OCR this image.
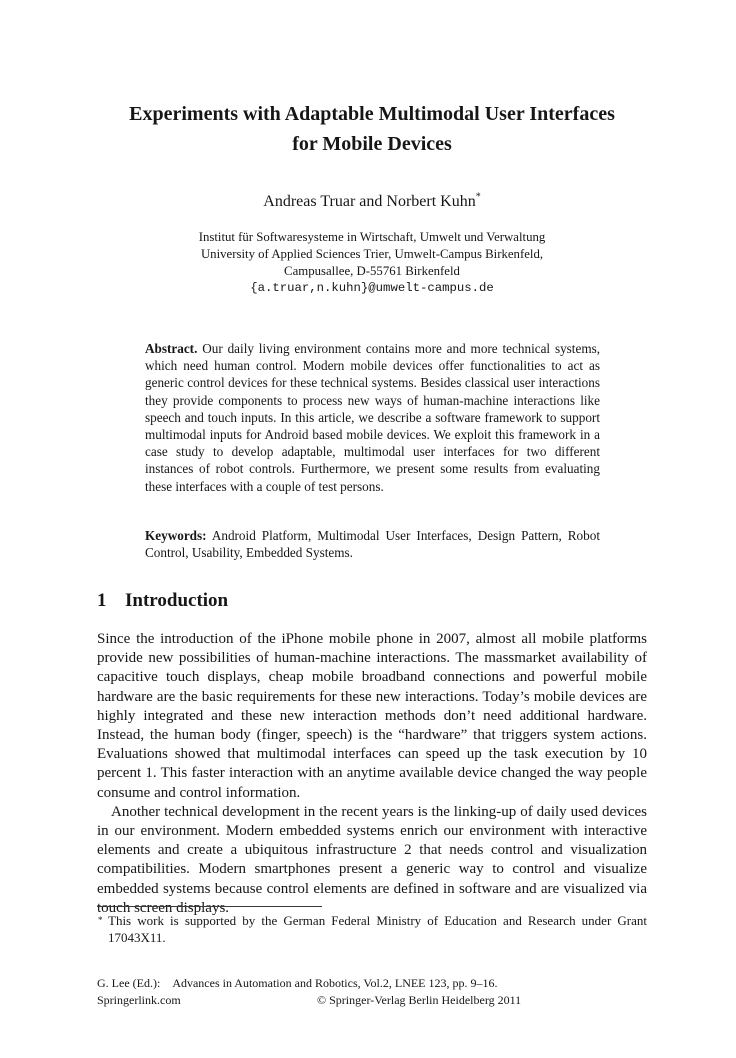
Experiments with Adaptable Multimodal User Interfaces
for Mobile Devices
Andreas Truar and Norbert Kuhn*
Institut für Softwaresysteme in Wirtschaft, Umwelt und Verwaltung
University of Applied Sciences Trier, Umwelt-Campus Birkenfeld,
Campusallee, D-55761 Birkenfeld
{a.truar,n.kuhn}@umwelt-campus.de
Abstract. Our daily living environment contains more and more technical systems, which need human control. Modern mobile devices offer functionalities to act as generic control devices for these technical systems. Besides classical user interactions they provide components to process new ways of human-machine interactions like speech and touch inputs. In this article, we describe a software framework to support multimodal inputs for Android based mobile devices. We exploit this framework in a case study to develop adaptable, multimodal user interfaces for two different instances of robot controls. Furthermore, we present some results from evaluating these interfaces with a couple of test persons.
Keywords: Android Platform, Multimodal User Interfaces, Design Pattern, Robot Control, Usability, Embedded Systems.
1 Introduction

Since the introduction of the iPhone mobile phone in 2007, almost all mobile platforms provide new possibilities of human-machine interactions. The massmarket availability of capacitive touch displays, cheap mobile broadband connections and powerful mobile hardware are the basic requirements for these new interactions. Today’s mobile devices are highly integrated and these new interaction methods don’t need additional hardware. Instead, the human body (finger, speech) is the “hardware” that triggers system actions. Evaluations showed that multimodal interfaces can speed up the task execution by 10 percent 1. This faster interaction with an anytime available device changed the way people consume and control information.

Another technical development in the recent years is the linking-up of daily used devices in our environment. Modern embedded systems enrich our environment with interactive elements and create a ubiquitous infrastructure 2 that needs control and visualization compatibilities. Modern smartphones present a generic way to control and visualize embedded systems because control elements are defined in software and are visualized via touch screen displays.

* This work is supported by the German Federal Ministry of Education and Research under Grant 17043X11.
G. Lee (Ed.): Advances in Automation and Robotics, Vol.2, LNEE 123, pp. 9–16.
Springerlink.com	© Springer-Verlag Berlin Heidelberg 2011
